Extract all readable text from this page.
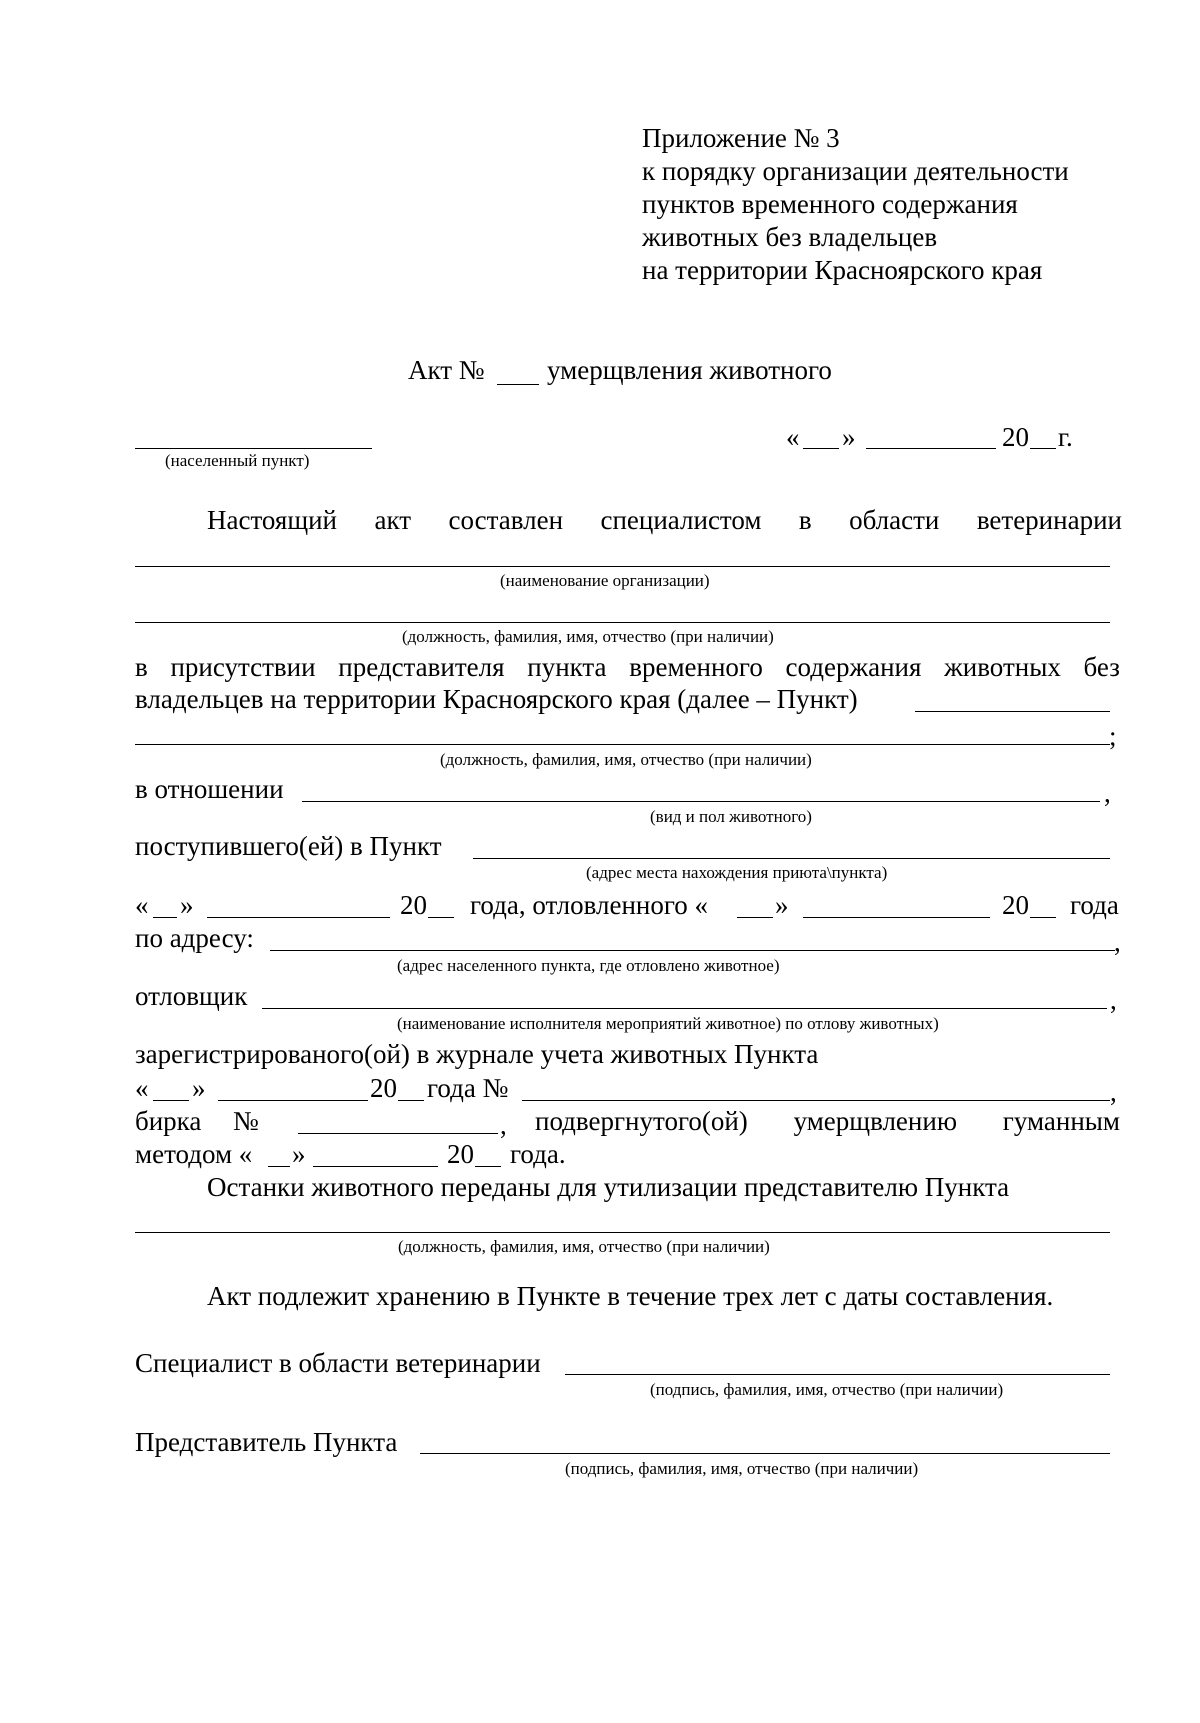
Приложение № 3
к порядку организации деятельности
пунктов временного содержания
животных без владельцев
на территории Красноярского края
Акт № умерщвления животного
(населенный пункт)
« »	20 г.
Настоящий акт составлен специалистом в области ветеринарии
(наименование организации)
(должность, фамилия, имя, отчество (при наличии)
в присутствии представителя пункта временного содержания животных без
владельцев на территории Красноярского края (далее – Пункт)
;
(должность, фамилия, имя, отчество (при наличии)
в отношении	,
(вид и пол животного)
поступившего(ей) в Пункт
(адрес места нахождения приюта\пункта)
« »	20 года, отловленного « »	20 года
по адресу:	,
(адрес населенного пункта, где отловлено животное)
отловщик	,
(наименование исполнителя мероприятий животное) по отлову животных)
зарегистрированого(ой) в журнале учета животных Пункта
« »	20 года №	,
бирка №	, подвергнутого(ой) умерщвлению гуманным
методом « »	20 года.
Останки животного переданы для утилизации представителю Пункта
(должность, фамилия, имя, отчество (при наличии)
Акт подлежит хранению в Пункте в течение трех лет с даты составления.
Специалист в области ветеринарии
(подпись, фамилия, имя, отчество (при наличии)
Представитель Пункта
(подпись, фамилия, имя, отчество (при наличии)
